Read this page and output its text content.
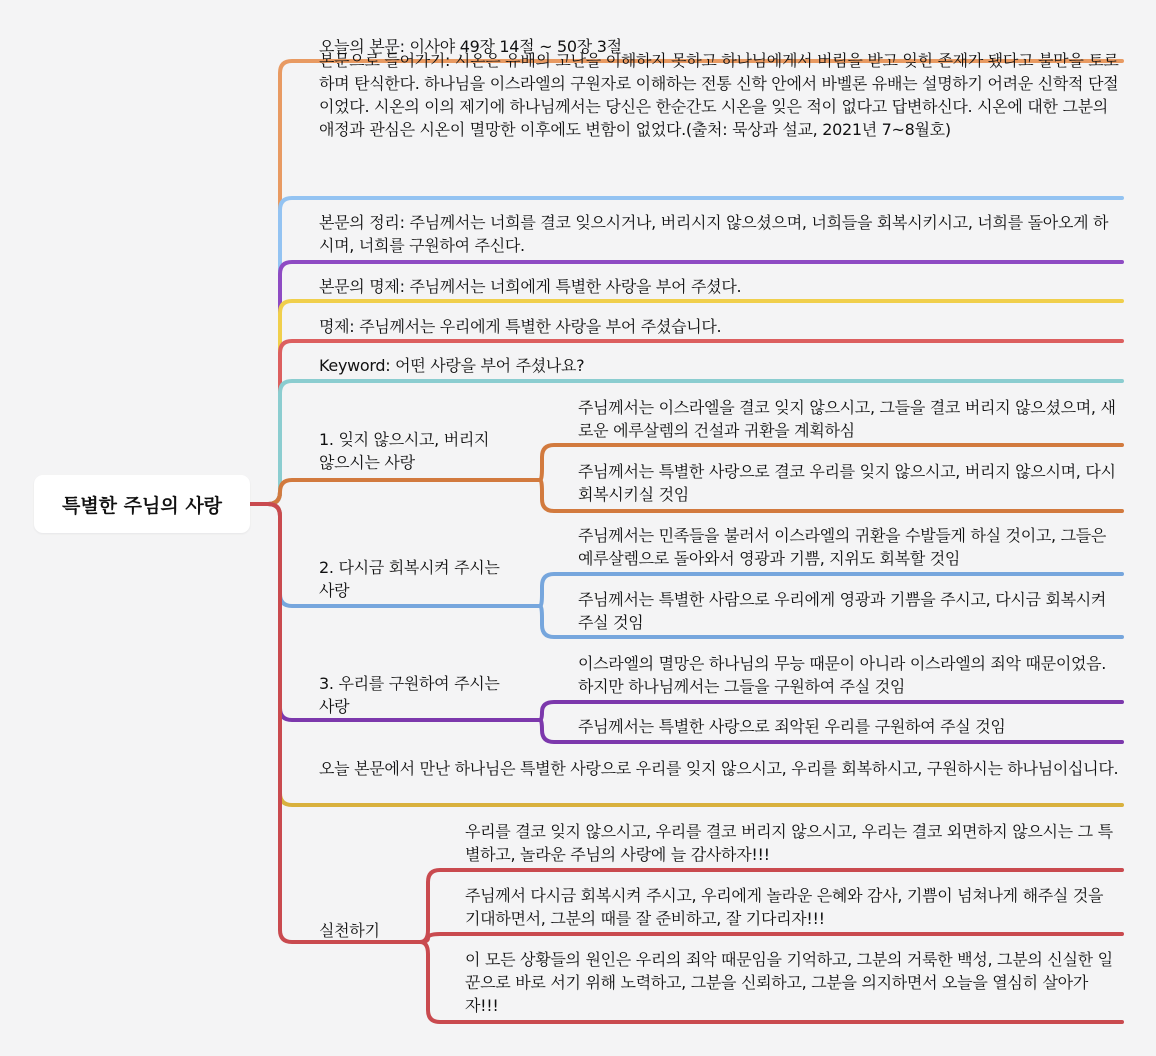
특별한 주님의 사랑
오늘의 본문: 이사야 49장 14절 ~ 50장 3절
본문으로 들어가기: 시온은 유배의 고난을 이해하지 못하고 하나님에게서 버림을 받고 잊힌 존재가 됐다고 불만을 토로하며 탄식한다. 하나님을 이스라엘의 구원자로 이해하는 전통 신학 안에서 바벨론 유배는 설명하기 어려운 신학적 단절이었다. 시온의 이의 제기에 하나님께서는 당신은 한순간도 시온을 잊은 적이 없다고 답변하신다. 시온에 대한 그분의 애정과 관심은 시온이 멸망한 이후에도 변함이 없었다.(출처: 묵상과 설교, 2021년 7~8월호)
본문의 정리: 주님께서는 너희를 결코 잊으시거나, 버리시지 않으셨으며, 너희들을 회복시키시고, 너희를 돌아오게 하시며, 너희를 구원하여 주신다.
본문의 명제: 주님께서는 너희에게 특별한 사랑을 부어 주셨다.
명제: 주님께서는 우리에게 특별한 사랑을 부어 주셨습니다.
Keyword: 어떤 사랑을 부어 주셨나요?
1. 잊지 않으시고, 버리지 않으시는 사랑
주님께서는 이스라엘을 결코 잊지 않으시고, 그들을 결코 버리지 않으셨으며, 새로운 에루살렘의 건설과 귀환을 계획하심
주님께서는 특별한 사랑으로 결코 우리를 잊지 않으시고, 버리지 않으시며, 다시 회복시키실 것임
2. 다시금 회복시켜 주시는 사랑
주님께서는 민족들을 불러서 이스라엘의 귀환을 수발들게 하실 것이고, 그들은 예루살렘으로 돌아와서 영광과 기쁨, 지위도 회복할 것임
주님께서는 특별한 사람으로 우리에게 영광과 기쁨을 주시고, 다시금 회복시켜 주실 것임
3. 우리를 구원하여 주시는 사랑
이스라엘의 멸망은 하나님의 무능 때문이 아니라 이스라엘의 죄악 때문이었음. 하지만 하나님께서는 그들을 구원하여 주실 것임
주님께서는 특별한 사랑으로 죄악된 우리를 구원하여 주실 것임
오늘 본문에서 만난 하나님은 특별한 사랑으로 우리를 잊지 않으시고, 우리를 회복하시고, 구원하시는 하나님이십니다.
실천하기
우리를 결코 잊지 않으시고, 우리를 결코 버리지 않으시고, 우리는 결코 외면하지 않으시는 그 특별하고, 놀라운 주님의 사랑에 늘 감사하자!!!
주님께서 다시금 회복시켜 주시고, 우리에게 놀라운 은혜와 감사, 기쁨이 넘쳐나게 해주실 것을 기대하면서, 그분의 때를 잘 준비하고, 잘 기다리자!!!
이 모든 상황들의 원인은 우리의 죄악 때문임을 기억하고, 그분의 거룩한 백성, 그분의 신실한 일꾼으로 바로 서기 위해 노력하고, 그분을 신뢰하고, 그분을 의지하면서 오늘을 열심히 살아가자!!!
